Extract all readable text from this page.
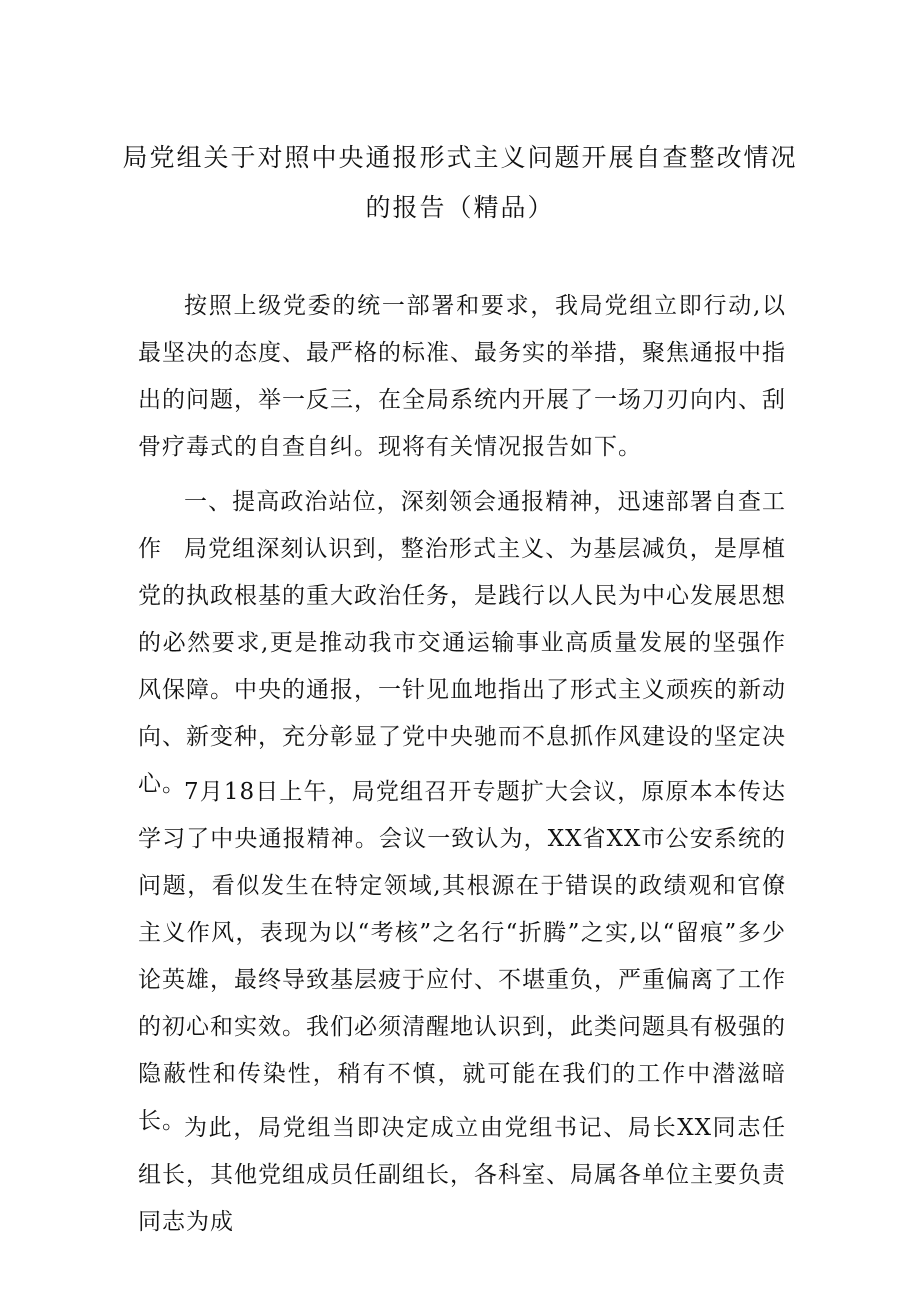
局党组关于对照中央通报形式主义问题开展自查整改情况
的报告（精品）

按照上级党委的统一部署和要求，我局党组立即行动,以最坚决的态度、最严格的标准、最务实的举措，聚焦通报中指出的问题，举一反三，在全局系统内开展了一场刀刃向内、刮骨疗毒式的自查自纠。现将有关情况报告如下。

一、提高政治站位，深刻领会通报精神，迅速部署自查工作 局党组深刻认识到，整治形式主义、为基层减负，是厚植党的执政根基的重大政治任务，是践行以人民为中心发展思想的必然要求,更是推动我市交通运输事业高质量发展的坚强作风保障。中央的通报，一针见血地指出了形式主义顽疾的新动向、新变种，充分彰显了党中央驰而不息抓作风建设的坚定决心。

7月18日上午，局党组召开专题扩大会议，原原本本传达学习了中央通报精神。会议一致认为，XX省XX市公安系统的问题，看似发生在特定领域,其根源在于错误的政绩观和官僚主义作风，表现为以“考核”之名行“折腾”之实,以“留痕”多少论英雄，最终导致基层疲于应付、不堪重负，严重偏离了工作的初心和实效。我们必须清醒地认识到，此类问题具有极强的隐蔽性和传染性，稍有不慎，就可能在我们的工作中潜滋暗长。

为此，局党组当即决定成立由党组书记、局长XX同志任组长，其他党组成员任副组长，各科室、局属各单位主要负责同志为成
